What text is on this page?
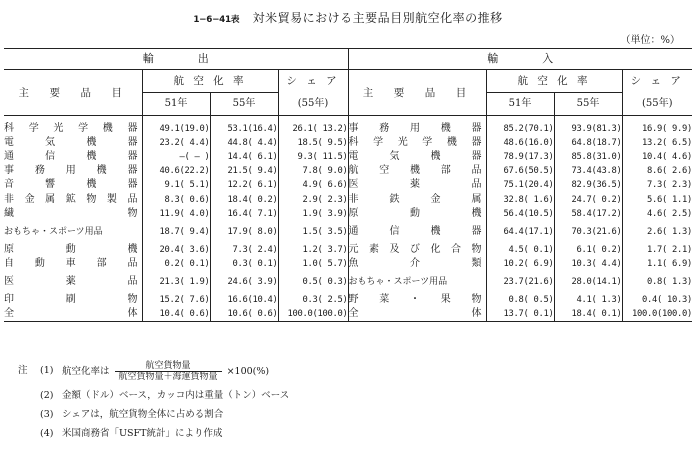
1−6−41表 対米貿易における主要品目別航空化率の推移
（単位：%）
輸　　　　出				輸　　　　入			
主　要　品　目	航 空 化 率		シ ェ ア	主　要　品　目	航 空 化 率		シ ェ ア
	51年	55年	(55年)		51年	55年	(55年)

科学光学機器	49.1(19.0)	53.1(16.4)	26.1( 13.2)	事務用機器	85.2(70.1)	93.9(81.3)	16.9( 9.9)
電気機器	23.2( 4.4)	44.8( 4.4)	18.5( 9.5)	科学光学機器	48.6(16.0)	64.8(18.7)	13.2( 6.5)
通信機器	—( — )	14.4( 6.1)	9.3( 11.5)	電気機器	78.9(17.3)	85.8(31.0)	10.4( 4.6)
事務用機器	40.6(22.2)	21.5( 9.4)	7.8( 9.0)	航空機部品	67.6(50.5)	73.4(43.8)	8.6( 2.6)
音響機器	9.1( 5.1)	12.2( 6.1)	4.9( 6.6)	医薬品	75.1(20.4)	82.9(36.5)	7.3( 2.3)
非金属鉱物製品	8.3( 0.6)	18.4( 0.2)	2.9( 2.3)	非鉄金属	32.8( 1.6)	24.7( 0.2)	5.6( 1.1)
繊物	11.9( 4.0)	16.4( 7.1)	1.9( 3.9)	原動機	56.4(10.5)	58.4(17.2)	4.6( 2.5)
おもちゃ・スポーツ用品	18.7( 9.4)	17.9( 8.0)	1.5( 3.5)	通信機器	64.4(17.1)	70.3(21.6)	2.6( 1.3)
原動機	20.4( 3.6)	7.3( 2.4)	1.2( 3.7)	元素及び化合物	4.5( 0.1)	6.1( 0.2)	1.7( 2.1)
自動車部品	0.2( 0.1)	0.3( 0.1)	1.0( 5.7)	魚介類	10.2( 6.9)	10.3( 4.4)	1.1( 6.9)
医薬品	21.3( 1.9)	24.6( 3.9)	0.5( 0.3)	おもちゃ・スポーツ用品	23.7(21.6)	28.0(14.1)	0.8( 1.3)
印刷物	15.2( 7.6)	16.6(10.4)	0.3( 2.5)	野菜・果物	0.8( 0.5)	4.1( 1.3)	0.4( 10.3)
全体	10.4( 0.6)	10.6( 0.6)	100.0(100.0)	全体	13.7( 0.1)	18.4( 0.1)	100.0(100.0)
注 (1) 航空化率は $\frac{\text{航空貨物量}}{\text{航空貨物量＋海運貨物量}} \times 100(\%)$
(2) 金額（ドル）ベース，カッコ内は重量（トン）ベース
(3) シェアは，航空貨物全体に占める割合
(4) 米国商務省「USFT統計」により作成
